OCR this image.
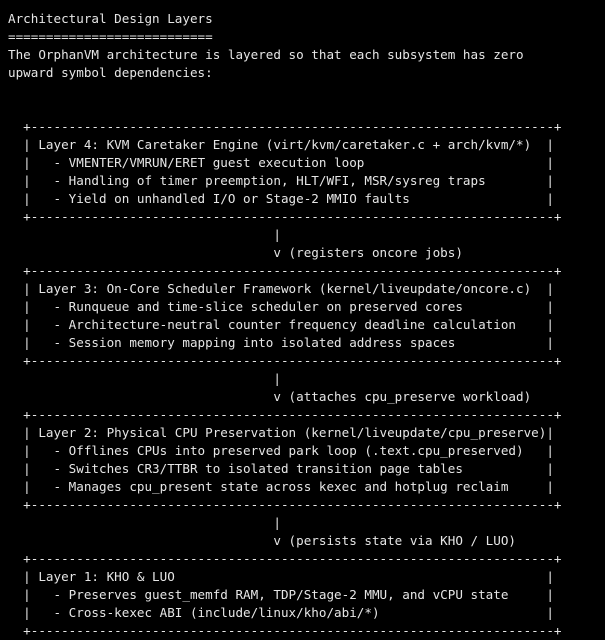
Architectural Design Layers
===========================
The OrphanVM architecture is layered so that each subsystem has zero
upward symbol dependencies:
+---------------------------------------------------------------------+
| Layer 4: KVM Caretaker Engine (virt/kvm/caretaker.c + arch/kvm/*)  |
|   - VMENTER/VMRUN/ERET guest execution loop                        |
|   - Handling of timer preemption, HLT/WFI, MSR/sysreg traps        |
|   - Yield on unhandled I/O or Stage-2 MMIO faults                  |
+---------------------------------------------------------------------+
|
v (registers oncore jobs)
+---------------------------------------------------------------------+
| Layer 3: On-Core Scheduler Framework (kernel/liveupdate/oncore.c)  |
|   - Runqueue and time-slice scheduler on preserved cores           |
|   - Architecture-neutral counter frequency deadline calculation    |
|   - Session memory mapping into isolated address spaces            |
+---------------------------------------------------------------------+
|
v (attaches cpu_preserve workload)
+---------------------------------------------------------------------+
| Layer 2: Physical CPU Preservation (kernel/liveupdate/cpu_preserve)|
|   - Offlines CPUs into preserved park loop (.text.cpu_preserved)   |
|   - Switches CR3/TTBR to isolated transition page tables           |
|   - Manages cpu_present state across kexec and hotplug reclaim     |
+---------------------------------------------------------------------+
|
v (persists state via KHO / LUO)
+---------------------------------------------------------------------+
| Layer 1: KHO & LUO                                                 |
|   - Preserves guest_memfd RAM, TDP/Stage-2 MMU, and vCPU state     |
|   - Cross-kexec ABI (include/linux/kho/abi/*)                      |
+---------------------------------------------------------------------+
